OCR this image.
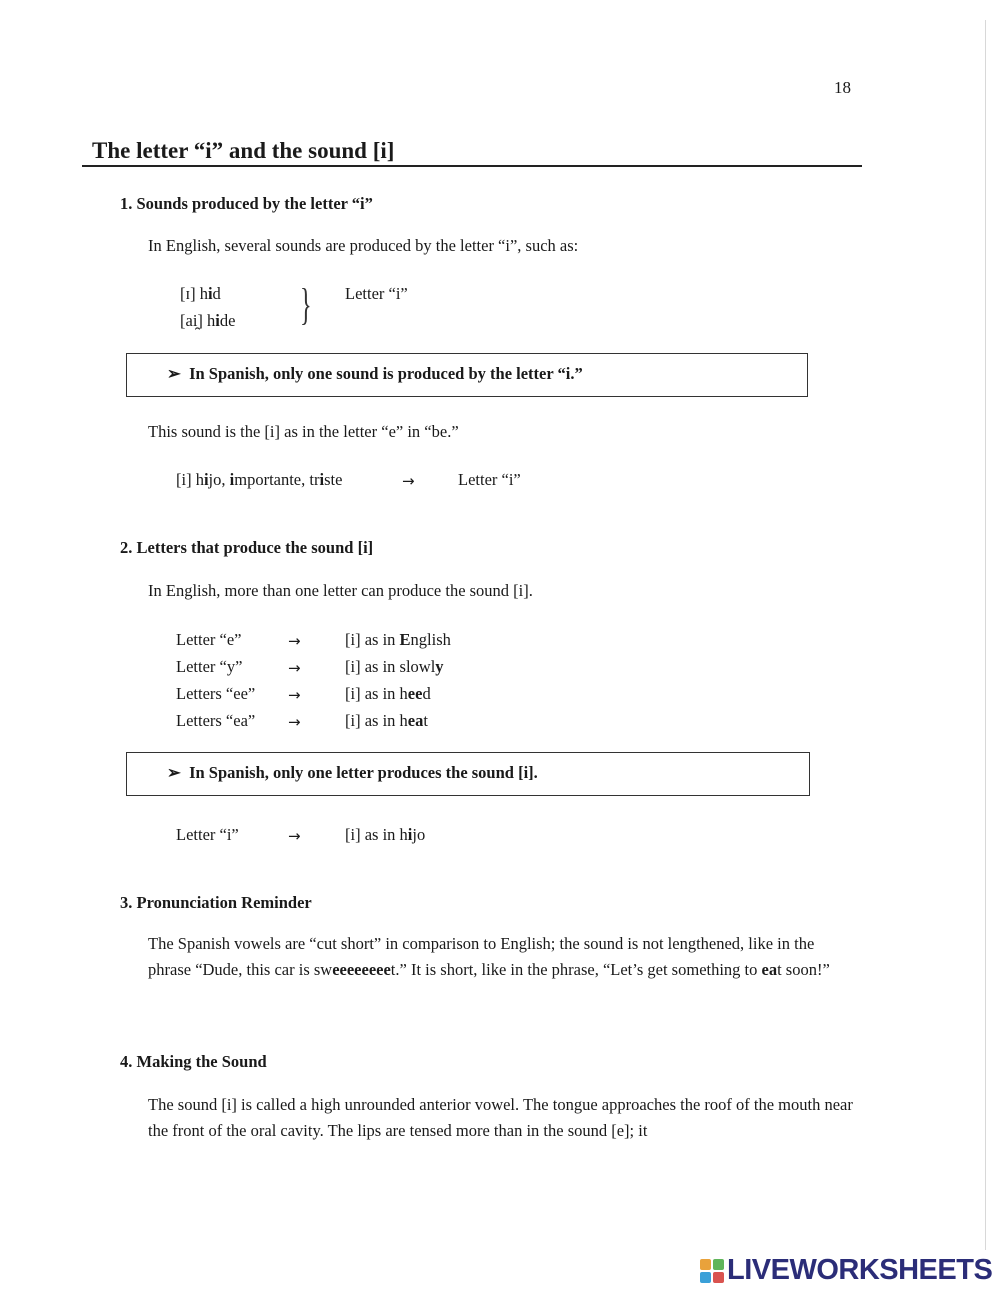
18
The letter “i” and the sound [i]
1. Sounds produced by the letter “i”
In English, several sounds are produced by the letter “i”, such as:
[ɪ] hid
[ai̯] hide } Letter “i”
➢ In Spanish, only one sound is produced by the letter “i.”
This sound is the [i] as in the letter “e” in “be.”
[i] hijo, importante, triste	→	Letter “i”
2. Letters that produce the sound [i]
In English, more than one letter can produce the sound [i].
Letter “e”	→	[i] as in English
Letter “y”	→	[i] as in slowly
Letters “ee” →	[i] as in heed
Letters “ea” →	[i] as in heat
➢ In Spanish, only one letter produces the sound [i].
Letter “i”	→	[i] as in hijo
3. Pronunciation Reminder
The Spanish vowels are “cut short” in comparison to English; the sound is not lengthened, like in the phrase “Dude, this car is sweeeeeeeet.” It is short, like in the phrase, “Let’s get something to eat soon!”
4. Making the Sound
The sound [i] is called a high unrounded anterior vowel. The tongue approaches the roof of the mouth near the front of the oral cavity. The lips are tensed more than in the sound [e]; it
LIVEWORKSHEETS
